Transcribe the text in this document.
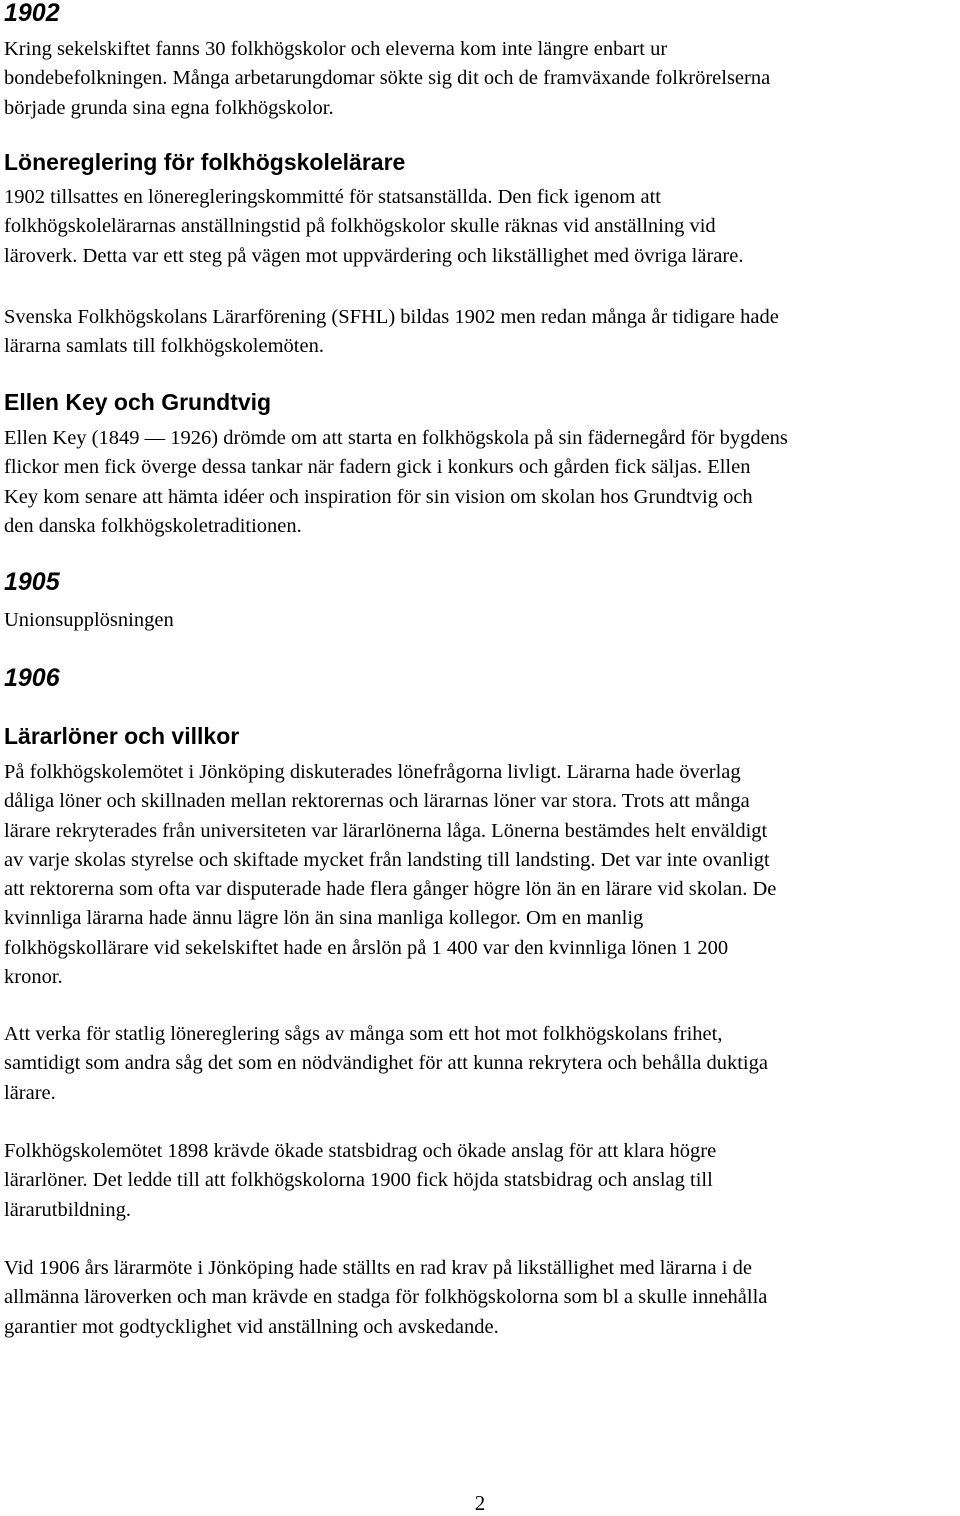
1902
Kring sekelskiftet fanns 30 folkhögskolor och eleverna kom inte längre enbart ur
bondebefolkningen. Många arbetarungdomar sökte sig dit och de framväxande folkrörelserna
började grunda sina egna folkhögskolor.
Lönereglering för folkhögskolelärare
1902 tillsattes en löneregleringskommitté för statsanställda. Den fick igenom att
folkhögskolelärarnas anställningstid på folkhögskolor skulle räknas vid anställning vid
läroverk. Detta var ett steg på vägen mot uppvärdering och likställighet med övriga lärare.
Svenska Folkhögskolans Lärarförening (SFHL) bildas 1902 men redan många år tidigare hade
lärarna samlats till folkhögskolemöten.
Ellen Key och Grundtvig
Ellen Key (1849 — 1926) drömde om att starta en folkhögskola på sin fädernegård för bygdens
flickor men fick överge dessa tankar när fadern gick i konkurs och gården fick säljas. Ellen
Key kom senare att hämta idéer och inspiration för sin vision om skolan hos Grundtvig och
den danska folkhögskoletraditionen.
1905
Unionsupplösningen
1906
Lärarlöner och villkor
På folkhögskolemötet i Jönköping diskuterades lönefrågorna livligt. Lärarna hade överlag
dåliga löner och skillnaden mellan rektorernas och lärarnas löner var stora. Trots att många
lärare rekryterades från universiteten var lärarlönerna låga. Lönerna bestämdes helt enväldigt
av varje skolas styrelse och skiftade mycket från landsting till landsting. Det var inte ovanligt
att rektorerna som ofta var disputerade hade flera gånger högre lön än en lärare vid skolan. De
kvinnliga lärarna hade ännu lägre lön än sina manliga kollegor. Om en manlig
folkhögskollärare vid sekelskiftet hade en årslön på 1 400 var den kvinnliga lönen 1 200
kronor.
Att verka för statlig lönereglering sågs av många som ett hot mot folkhögskolans frihet,
samtidigt som andra såg det som en nödvändighet för att kunna rekrytera och behålla duktiga
lärare.
Folkhögskolemötet 1898 krävde ökade statsbidrag och ökade anslag för att klara högre
lärarlöner. Det ledde till att folkhögskolorna 1900 fick höjda statsbidrag och anslag till
lärarutbildning.
Vid 1906 års lärarmöte i Jönköping hade ställts en rad krav på likställighet med lärarna i de
allmänna läroverken och man krävde en stadga för folkhögskolorna som bl a skulle innehålla
garantier mot godtycklighet vid anställning och avskedande.
2
